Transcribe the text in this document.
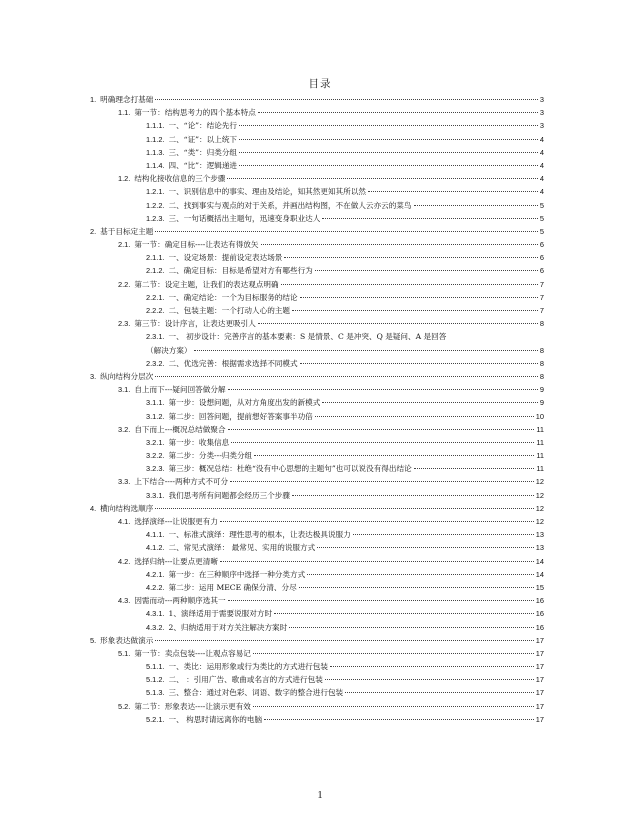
目录
1. 明确理念打基础	3
1.1. 第一节：结构思考力的四个基本特点	3
1.1.1. 一、“论”：结论先行	3
1.1.2. 二、“证”：以上统下	4
1.1.3. 三、“类”：归类分组	4
1.1.4. 四、“比”：逻辑递进	4
1.2. 结构化接收信息的三个步骤	4
1.2.1. 一、识别信息中的事实、理由及结论，知其然更知其所以然	4
1.2.2. 二、找到事实与观点的对于关系，并画出结构图，不在做人云亦云的菜鸟	5
1.2.3. 三、一句话概括出主题句，迅速变身职业达人	5
2. 基于目标定主题	5
2.1. 第一节：确定目标----让表达有得放矢	6
2.1.1. 一、设定场景：提前设定表达场景	6
2.1.2. 二、确定目标：目标是希望对方有哪些行为	6
2.2. 第二节：设定主题，让我们的表达观点明确	7
2.2.1. 一、确定结论：一个为目标服务的结论	7
2.2.2. 二、包装主题：一个打动人心的主题	7
2.3. 第三节：设计序言，让表达更吸引人	8
2.3.1. 一、 初步设计：完善序言的基本要素：S 是情景、C 是冲突、Q 是疑问、A 是回答
（解决方案）	8
2.3.2. 二、优选完善：根据需求选择不同模式	8
3. 纵向结构分层次	8
3.1. 自上而下---疑问回答做分解	9
3.1.1. 第一步：设想问题，从对方角度出发的新模式	9
3.1.2. 第二步：回答问题，提前想好答案事半功倍	10
3.2. 自下而上---概况总结做聚合	11
3.2.1. 第一步：收集信息	11
3.2.2. 第二步：分类---归类分组	11
3.2.3. 第三步：概况总结：杜绝“没有中心思想的主题句”也可以说没有得出结论	11
3.3. 上下结合----两种方式不可分	12
3.3.1. 我们思考所有问题都会经历三个步骤	12
4. 横向结构选顺序	12
4.1. 选择演绎---让说服更有力	12
4.1.1. 一、标准式演绎：理性思考的根本，让表达极具说服力	13
4.1.2. 二、常见式演绎： 最常见、实用的说服方式	13
4.2. 选择归纳---让要点更清晰	14
4.2.1. 第一步：在三种顺序中选择一种分类方式	14
4.2.2. 第二步：运用 MECE 确保分清、分尽	15
4.3. 因需而动---两种顺序选其一	16
4.3.1. 1、演绎适用于需要说服对方时	16
4.3.2. 2、归纳适用于对方关注解决方案时	16
5. 形象表达做演示	17
5.1. 第一节：卖点包装----让观点容易记	17
5.1.1. 一、类比：运用形象或行为类比的方式进行包装	17
5.1.2. 二、 ：引用广告、歌曲或名言的方式进行包装	17
5.1.3. 三、整合：通过对色彩、词语、数字的整合进行包装	17
5.2. 第二节：形象表达----让演示更有效	17
5.2.1. 一、 构思时请远离你的电脑	17
1
